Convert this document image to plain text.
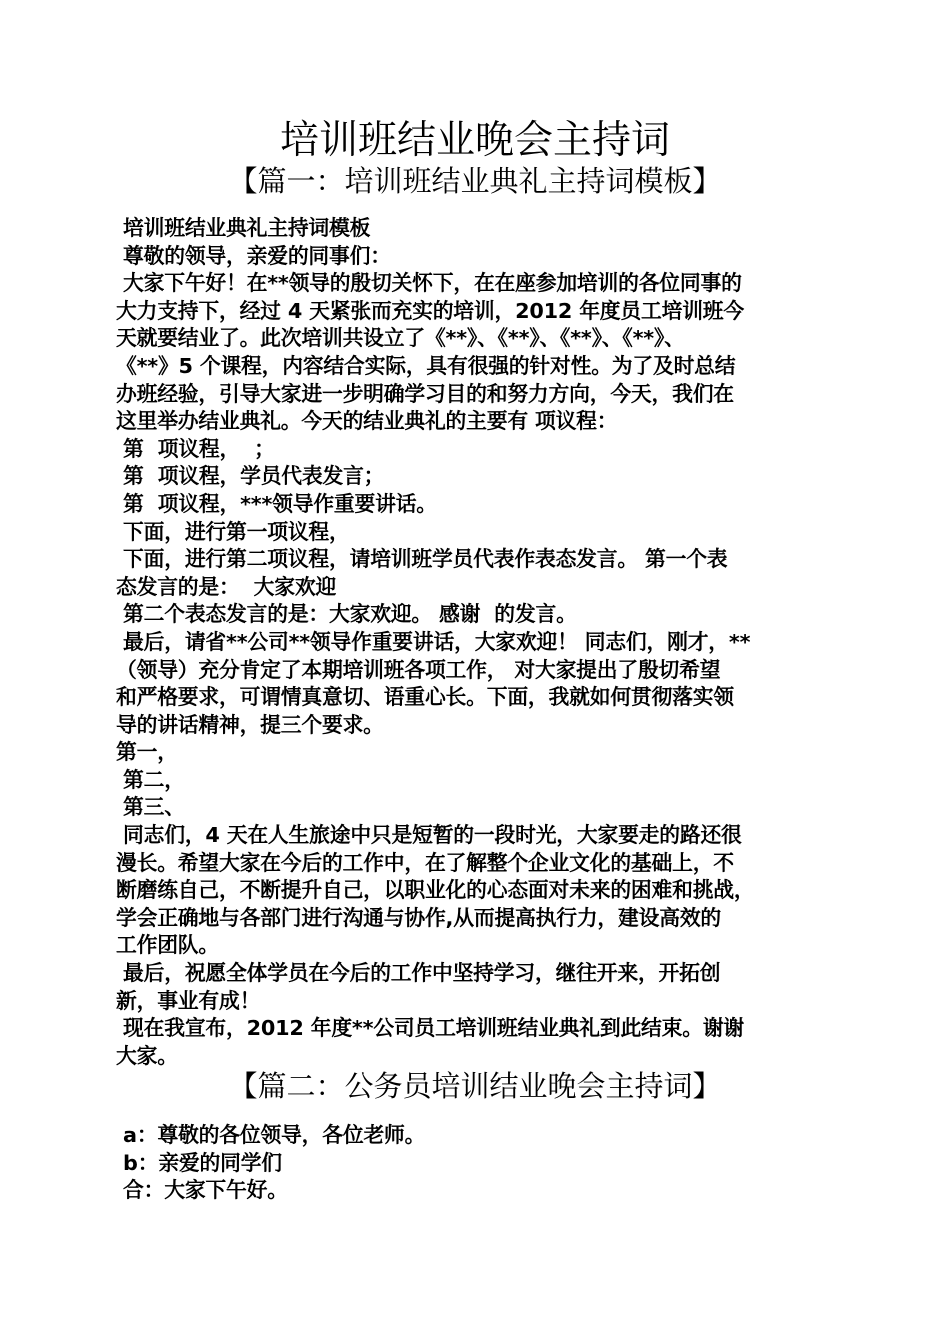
培训班结业晚会主持词
【篇一：培训班结业典礼主持词模板】
培训班结业典礼主持词模板
尊敬的领导，亲爱的同事们：
大家下午好！在**领导的殷切关怀下，在在座参加培训的各位同事的
大力支持下，经过 4 天紧张而充实的培训，2012 年度员工培训班今
天就要结业了。此次培训共设立了《**》、《**》、《**》、《**》、
《**》5 个课程，内容结合实际，具有很强的针对性。为了及时总结
办班经验，引导大家进一步明确学习目的和努力方向，今天，我们在
这里举办结业典礼。今天的结业典礼的主要有 项议程：
第  项议程，  ；
第  项议程，学员代表发言；
第  项议程，***领导作重要讲话。
下面，进行第一项议程，
下面，进行第二项议程，请培训班学员代表作表态发言。 第一个表
态发言的是：  大家欢迎
第二个表态发言的是：大家欢迎。 感谢  的发言。
最后，请省**公司**领导作重要讲话，大家欢迎！ 同志们，刚才，**
（领导）充分肯定了本期培训班各项工作， 对大家提出了殷切希望
和严格要求，可谓情真意切、语重心长。下面，我就如何贯彻落实领
导的讲话精神，提三个要求。
第一，
第二，
第三、
同志们，4 天在人生旅途中只是短暂的一段时光，大家要走的路还很
漫长。希望大家在今后的工作中，在了解整个企业文化的基础上，不
断磨练自己，不断提升自己，以职业化的心态面对未来的困难和挑战，
学会正确地与各部门进行沟通与协作,从而提高执行力，建设高效的
工作团队。
最后，祝愿全体学员在今后的工作中坚持学习，继往开来，开拓创
新，事业有成！
现在我宣布，2012 年度**公司员工培训班结业典礼到此结束。谢谢
大家。
【篇二：公务员培训结业晚会主持词】
a：尊敬的各位领导，各位老师。
b：亲爱的同学们
合：大家下午好。
